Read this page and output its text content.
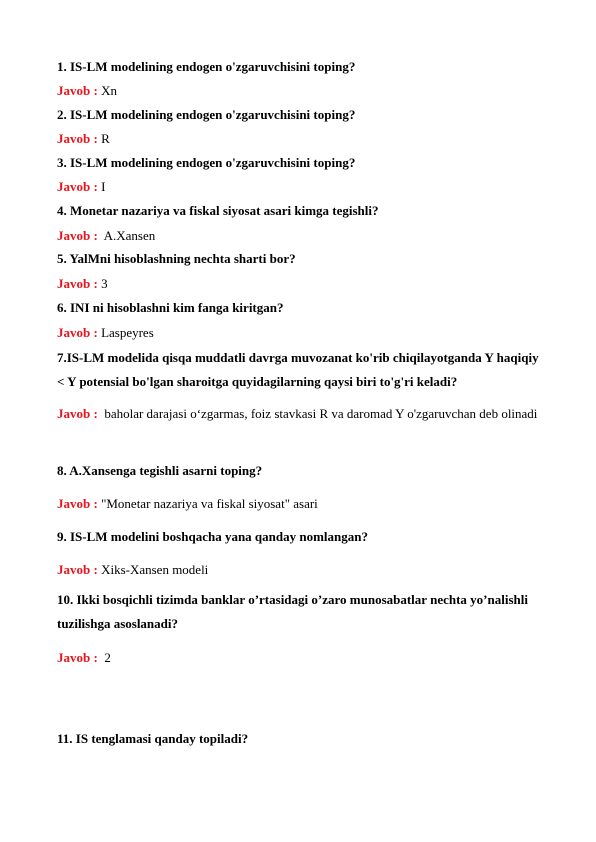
1. IS-LM modelining endogen o'zgaruvchisini toping?
Javob : Xn
2. IS-LM modelining endogen o'zgaruvchisini toping?
Javob : R
3. IS-LM modelining endogen o'zgaruvchisini toping?
Javob : I
4. Monetar nazariya va fiskal siyosat asari kimga tegishli?
Javob :  A.Xansen
5. YalMni hisoblashning nechta sharti bor?
Javob : 3
6. INI ni hisoblashni kim fanga kiritgan?
Javob : Laspeyres
7.IS-LM modelida qisqa muddatli davrga muvozanat ko'rib chiqilayotganda Y haqiqiy < Y potensial bo'lgan sharoitga quyidagilarning qaysi biri to'g'ri keladi?
Javob :  baholar darajasi o‘zgarmas, foiz stavkasi R va daromad Y o'zgaruvchan deb olinadi
8. A.Xansenga tegishli asarni toping?
Javob : "Monetar nazariya va fiskal siyosat" asari
9. IS-LM modelini boshqacha yana qanday nomlangan?
Javob : Xiks-Xansen modeli
10. Ikki bosqichli tizimda banklar o’rtasidagi o’zaro munosabatlar nechta yo’nalishli tuzilishga asoslanadi?
Javob :  2
11. IS tenglamasi qanday topiladi?
